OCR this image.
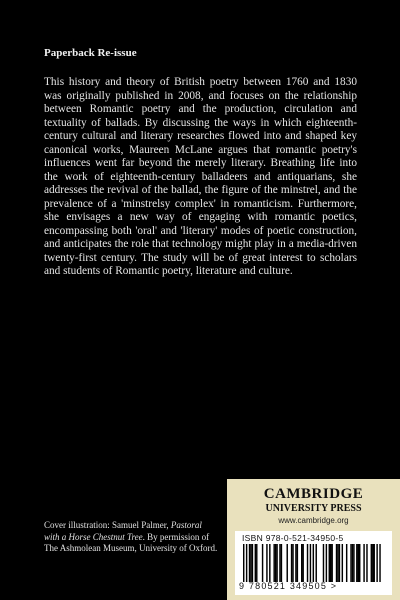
Paperback Re-issue

This history and theory of British poetry between 1760 and 1830 was originally published in 2008, and focuses on the relationship between Romantic poetry and the production, circulation and textuality of ballads. By discussing the ways in which eighteenth-century cultural and literary researches flowed into and shaped key canonical works, Maureen McLane argues that romantic poetry's influences went far beyond the merely literary. Breathing life into the work of eighteenth-century balladeers and antiquarians, she addresses the revival of the ballad, the figure of the minstrel, and the prevalence of a 'minstrelsy complex' in romanticism. Furthermore, she envisages a new way of engaging with romantic poetics, encompassing both 'oral' and 'literary' modes of poetic construction, and anticipates the role that technology might play in a media-driven twenty-first century. The study will be of great interest to scholars and students of Romantic poetry, literature and culture.

Cover illustration: Samuel Palmer, Pastoral with a Horse Chestnut Tree. By permission of The Ashmolean Museum, University of Oxford.

CAMBRIDGE
UNIVERSITY PRESS
www.cambridge.org
ISBN 978-0-521-34950-5
9 780521 349505 >
